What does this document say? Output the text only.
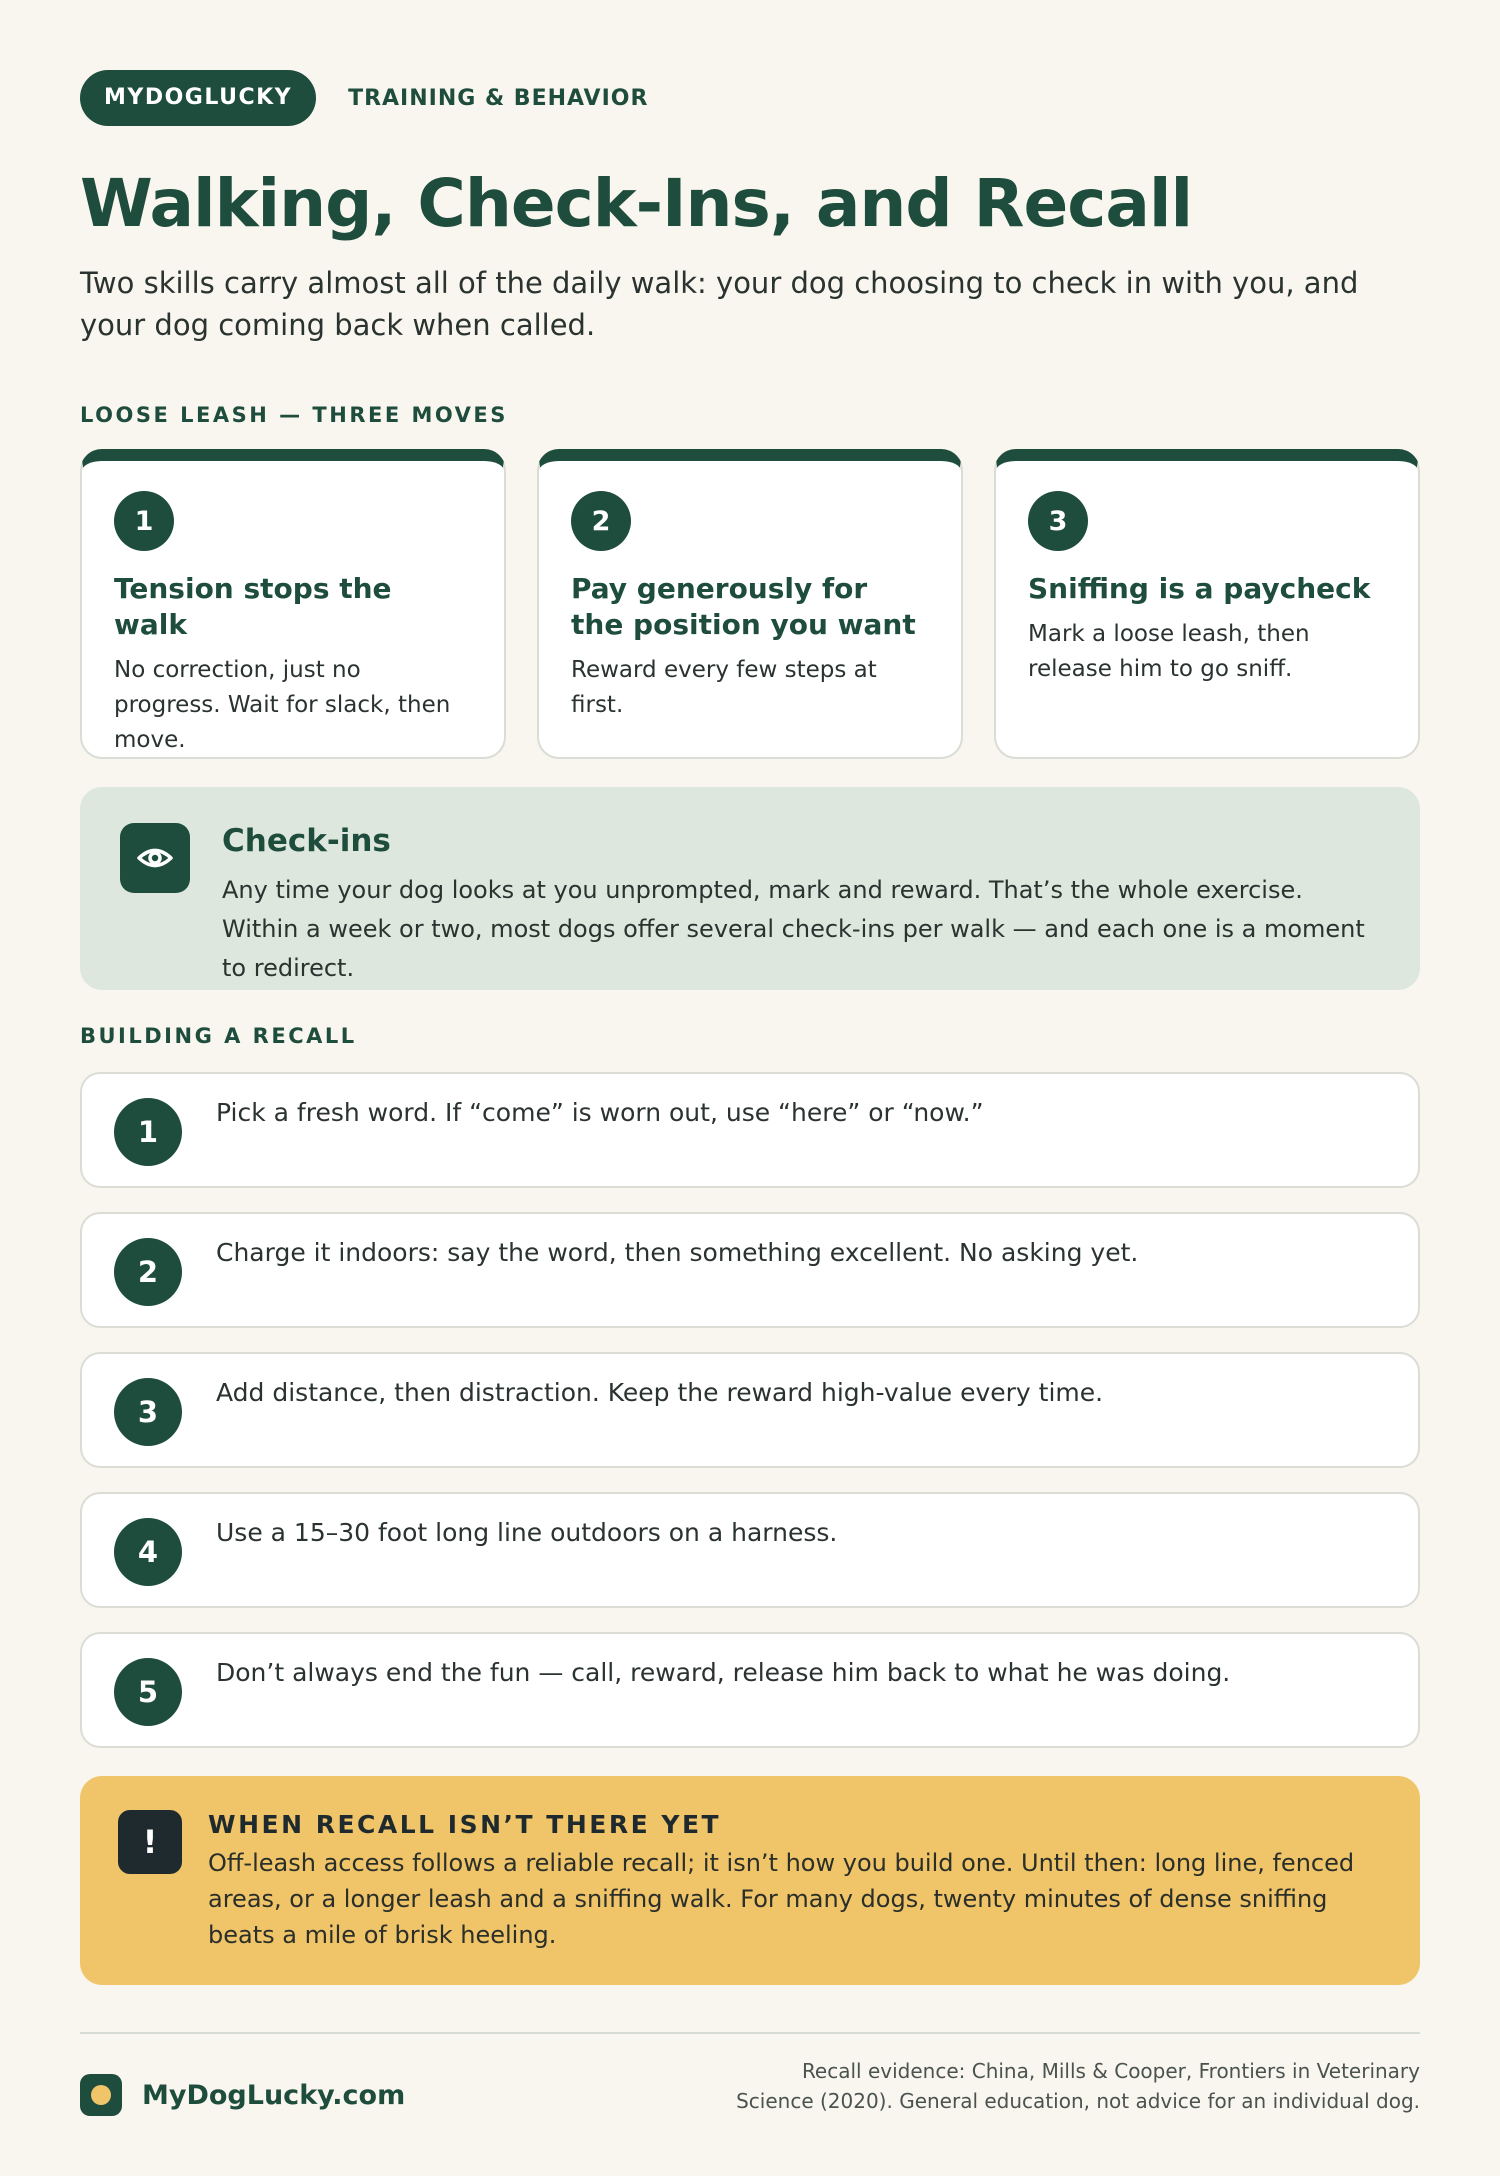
MYDOGLUCKY	TRAINING & BEHAVIOR
Walking, Check-Ins, and Recall

Two skills carry almost all of the daily walk: your dog choosing to check in with you, and your dog coming back when called.

LOOSE LEASH — THREE MOVES

1

Tension stops the walk

No correction, just no progress. Wait for slack, then move.

2

Pay generously for the position you want

Reward every few steps at first.

3

Sniffing is a paycheck

Mark a loose leash, then release him to go sniff.

Check-ins

Any time your dog looks at you unprompted, mark and reward. That’s the whole exercise. Within a week or two, most dogs offer several check-ins per walk — and each one is a moment to redirect.

BUILDING A RECALL

1

Pick a fresh word. If “come” is worn out, use “here” or “now.”

2

Charge it indoors: say the word, then something excellent. No asking yet.

3

Add distance, then distraction. Keep the reward high-value every time.

4

Use a 15–30 foot long line outdoors on a harness.

5

Don’t always end the fun — call, reward, release him back to what he was doing.

!	WHEN RECALL ISN’T THERE YET

Off-leash access follows a reliable recall; it isn’t how you build one. Until then: long line, fenced areas, or a longer leash and a sniffing walk. For many dogs, twenty minutes of dense sniffing beats a mile of brisk heeling.

MyDogLucky.com

Recall evidence: China, Mills & Cooper, Frontiers in Veterinary Science (2020). General education, not advice for an individual dog.
